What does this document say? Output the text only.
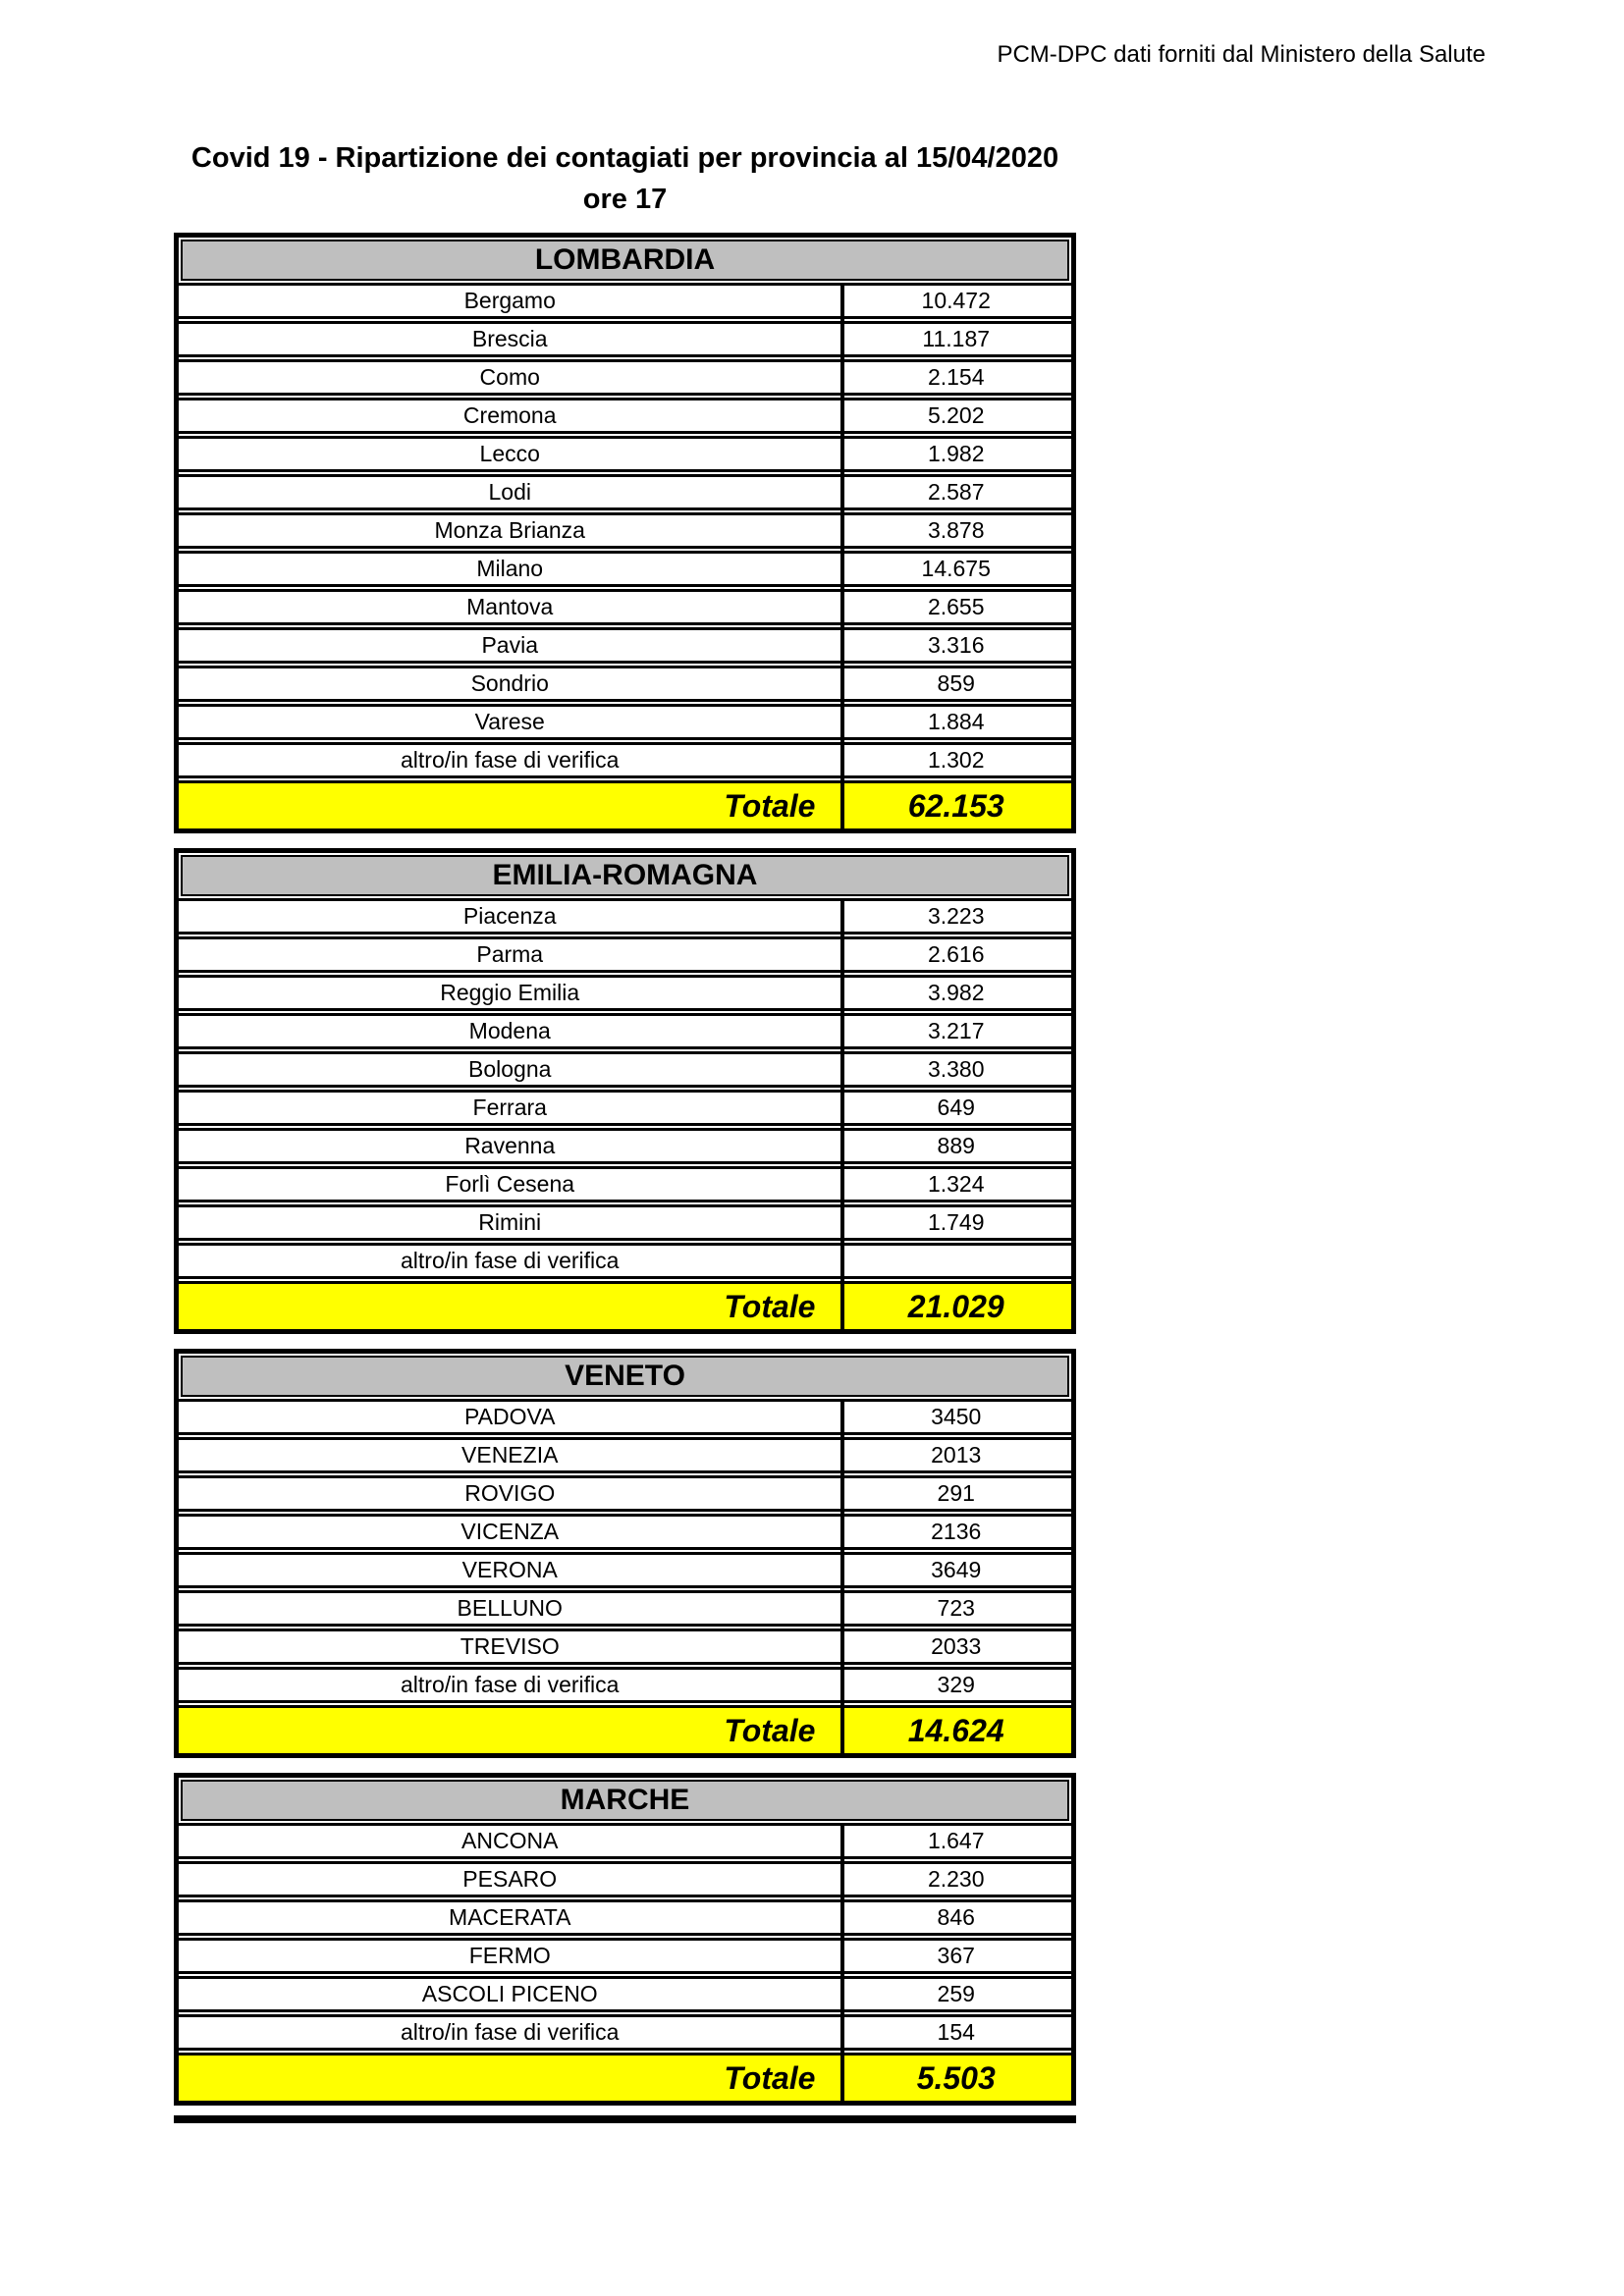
PCM-DPC dati forniti dal Ministero della Salute
Covid 19 - Ripartizione dei contagiati per provincia al 15/04/2020
ore 17
LOMBARDIA
Bergamo	10.472
Brescia	11.187
Como	2.154
Cremona	5.202
Lecco	1.982
Lodi	2.587
Monza Brianza	3.878
Milano	14.675
Mantova	2.655
Pavia	3.316
Sondrio	859
Varese	1.884
altro/in fase di verifica	1.302
Totale	62.153
EMILIA-ROMAGNA
Piacenza	3.223
Parma	2.616
Reggio Emilia	3.982
Modena	3.217
Bologna	3.380
Ferrara	649
Ravenna	889
Forlì Cesena	1.324
Rimini	1.749
altro/in fase di verifica
Totale	21.029
VENETO
PADOVA	3450
VENEZIA	2013
ROVIGO	291
VICENZA	2136
VERONA	3649
BELLUNO	723
TREVISO	2033
altro/in fase di verifica	329
Totale	14.624
MARCHE
ANCONA	1.647
PESARO	2.230
MACERATA	846
FERMO	367
ASCOLI PICENO	259
altro/in fase di verifica	154
Totale	5.503
